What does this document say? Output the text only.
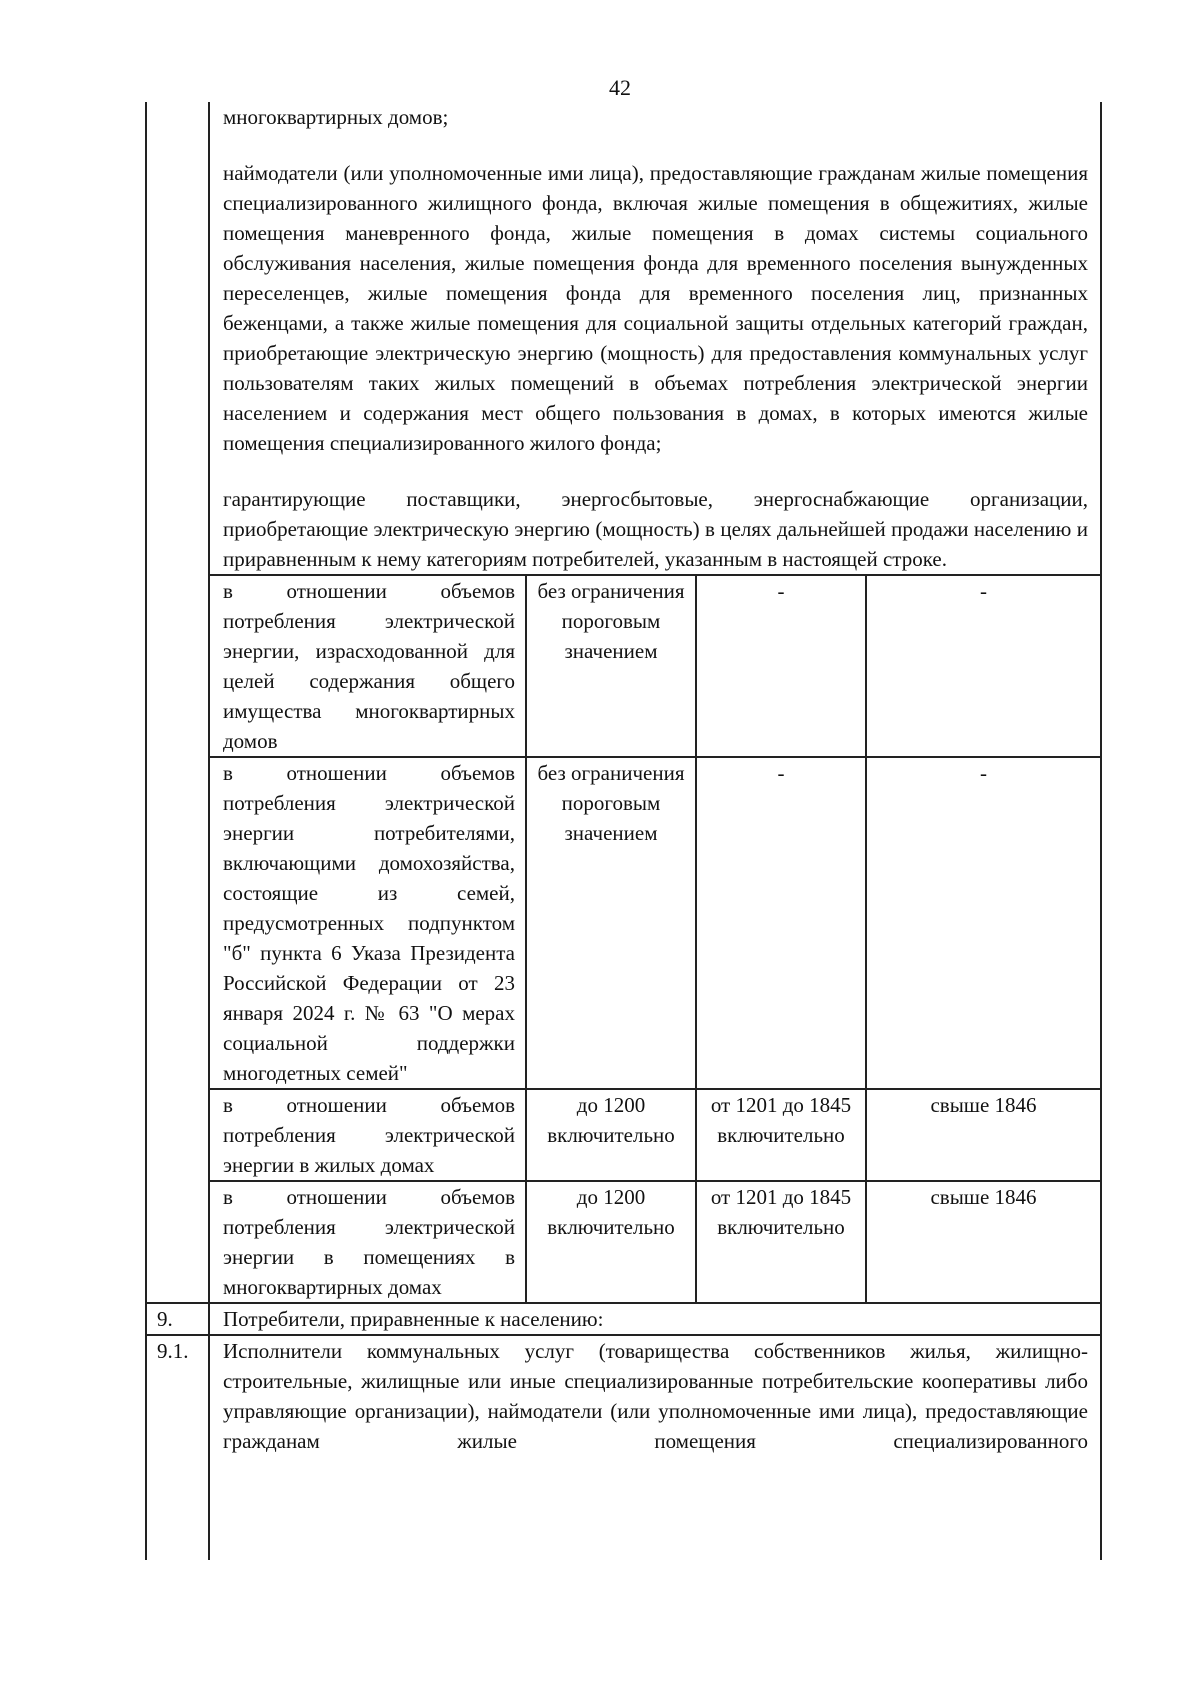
42

многоквартирных домов;

наймодатели (или уполномоченные ими лица), предоставляющие гражданам жилые помещения специализированного жилищного фонда, включая жилые помещения в общежитиях, жилые помещения маневренного фонда, жилые помещения в домах системы социального обслуживания населения, жилые помещения фонда для временного поселения вынужденных переселенцев, жилые помещения фонда для временного поселения лиц, признанных беженцами, а также жилые помещения для социальной защиты отдельных категорий граждан, приобретающие электрическую энергию (мощность) для предоставления коммунальных услуг пользователям таких жилых помещений в объемах потребления электрической энергии населением и содержания мест общего пользования в домах, в которых имеются жилые помещения специализированного жилого фонда;

гарантирующие поставщики, энергосбытовые, энергоснабжающие организации, приобретающие электрическую энергию (мощность) в целях дальнейшей продажи населению и приравненным к нему категориям потребителей, указанным в настоящей строке.

в отношении объемов потребления электрической энергии, израсходованной для целей содержания общего имущества многоквартирных домов	без ограничения пороговым значением	-	-
в отношении объемов потребления электрической энергии потребителями, включающими домохозяйства, состоящие из семей, предусмотренных подпунктом "б" пункта 6 Указа Президента Российской Федерации от 23 января 2024 г. № 63 "О мерах социальной поддержки многодетных семей"	без ограничения пороговым значением	-	-
в отношении объемов потребления электрической энергии в жилых домах	до 1200 включительно	от 1201 до 1845 включительно	свыше 1846
в отношении объемов потребления электрической энергии в помещениях в многоквартирных домах	до 1200 включительно	от 1201 до 1845 включительно	свыше 1846

9.	Потребители, приравненные к населению:

9.1.	Исполнители коммунальных услуг (товарищества собственников жилья, жилищно-строительные, жилищные или иные специализированные потребительские кооперативы либо управляющие организации), наймодатели (или уполномоченные ими лица), предоставляющие гражданам жилые помещения специализированного
